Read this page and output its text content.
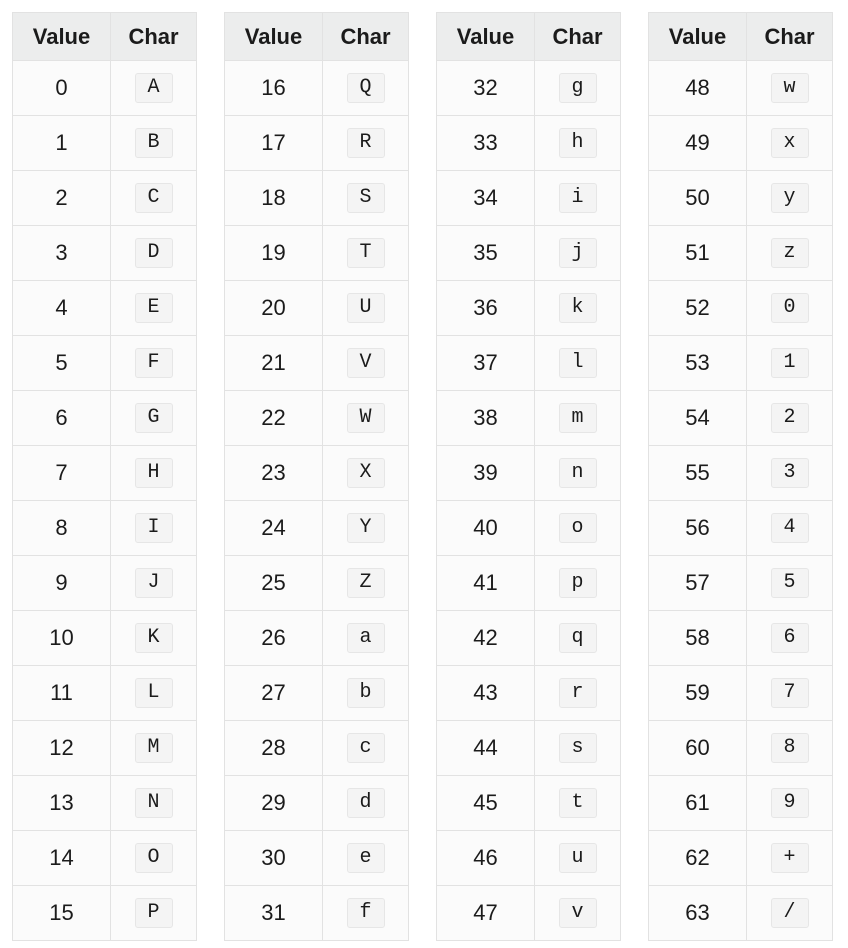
Value	Char
0	A
1	B
2	C
3	D
4	E
5	F
6	G
7	H
8	I
9	J
10	K
11	L
12	M
13	N
14	O
15	P
Value	Char
16	Q
17	R
18	S
19	T
20	U
21	V
22	W
23	X
24	Y
25	Z
26	a
27	b
28	c
29	d
30	e
31	f
Value	Char
32	g
33	h
34	i
35	j
36	k
37	l
38	m
39	n
40	o
41	p
42	q
43	r
44	s
45	t
46	u
47	v
Value	Char
48	w
49	x
50	y
51	z
52	0
53	1
54	2
55	3
56	4
57	5
58	6
59	7
60	8
61	9
62	+
63	/
